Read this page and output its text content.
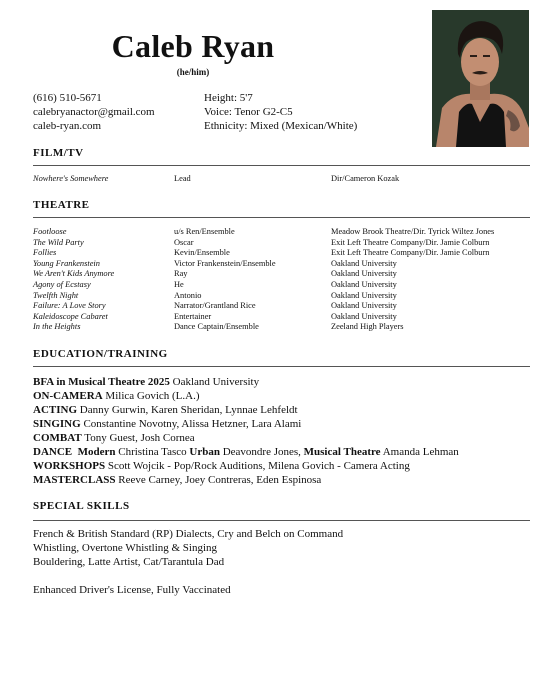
Caleb Ryan
(he/him)
(616) 510-5671
calebryanactor@gmail.com
caleb-ryan.com
Height: 5'7
Voice: Tenor G2-C5
Ethnicity: Mixed (Mexican/White)
FILM/TV
Nowhere's Somewhere	Lead	Dir/Cameron Kozak
THEATRE
Footloose	u/s Ren/Ensemble	Meadow Brook Theatre/Dir. Tyrick Wiltez Jones
The Wild Party	Oscar	Exit Left Theatre Company/Dir. Jamie Colburn
Follies	Kevin/Ensemble	Exit Left Theatre Company/Dir. Jamie Colburn
Young Frankenstein	Victor Frankenstein/Ensemble	Oakland University
We Aren't Kids Anymore	Ray	Oakland University
Agony of Ecstasy	He	Oakland University
Twelfth Night	Antonio	Oakland University
Failure: A Love Story	Narrator/Grantland Rice	Oakland University
Kaleidoscope Cabaret	Entertainer	Oakland University
In the Heights	Dance Captain/Ensemble	Zeeland High Players
EDUCATION/TRAINING
BFA in Musical Theatre 2025 Oakland University
ON-CAMERA Milica Govich (L.A.)
ACTING Danny Gurwin, Karen Sheridan, Lynnae Lehfeldt
SINGING Constantine Novotny, Alissa Hetzner, Lara Alami
COMBAT Tony Guest, Josh Cornea
DANCE  Modern Christina Tasco Urban Deavondre Jones, Musical Theatre Amanda Lehman
WORKSHOPS Scott Wojcik - Pop/Rock Auditions, Milena Govich - Camera Acting
MASTERCLASS Reeve Carney, Joey Contreras, Eden Espinosa
SPECIAL SKILLS
French & British Standard (RP) Dialects, Cry and Belch on Command
Whistling, Overtone Whistling & Singing
Bouldering, Latte Artist, Cat/Tarantula Dad
Enhanced Driver's License, Fully Vaccinated
